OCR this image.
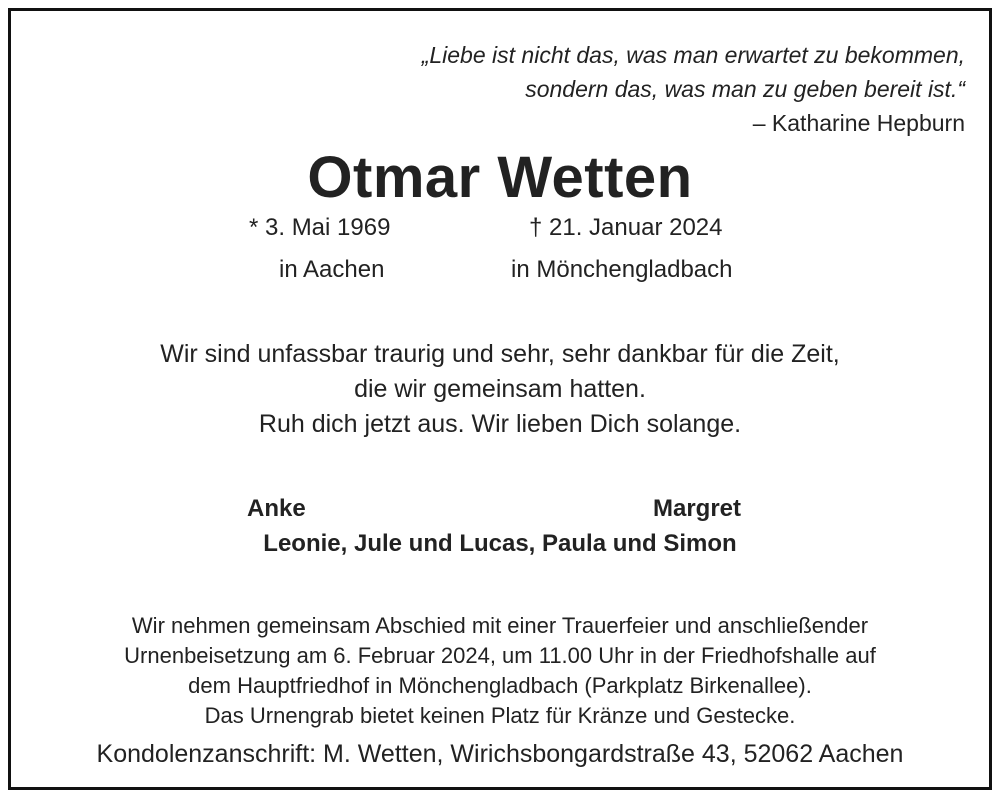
„Liebe ist nicht das, was man erwartet zu bekommen,
sondern das, was man zu geben bereit ist.“
– Katharine Hepburn
Otmar Wetten
* 3. Mai 1969
in Aachen
† 21. Januar 2024
in Mönchengladbach
Wir sind unfassbar traurig und sehr, sehr dankbar für die Zeit,
die wir gemeinsam hatten.
Ruh dich jetzt aus. Wir lieben Dich solange.
Anke	Margret
Leonie, Jule und Lucas, Paula und Simon
Wir nehmen gemeinsam Abschied mit einer Trauerfeier und anschließender
Urnenbeisetzung am 6. Februar 2024, um 11.00 Uhr in der Friedhofshalle auf
dem Hauptfriedhof in Mönchengladbach (Parkplatz Birkenallee).
Das Urnengrab bietet keinen Platz für Kränze und Gestecke.
Kondolenzanschrift: M. Wetten, Wirichsbongardstraße 43, 52062 Aachen
